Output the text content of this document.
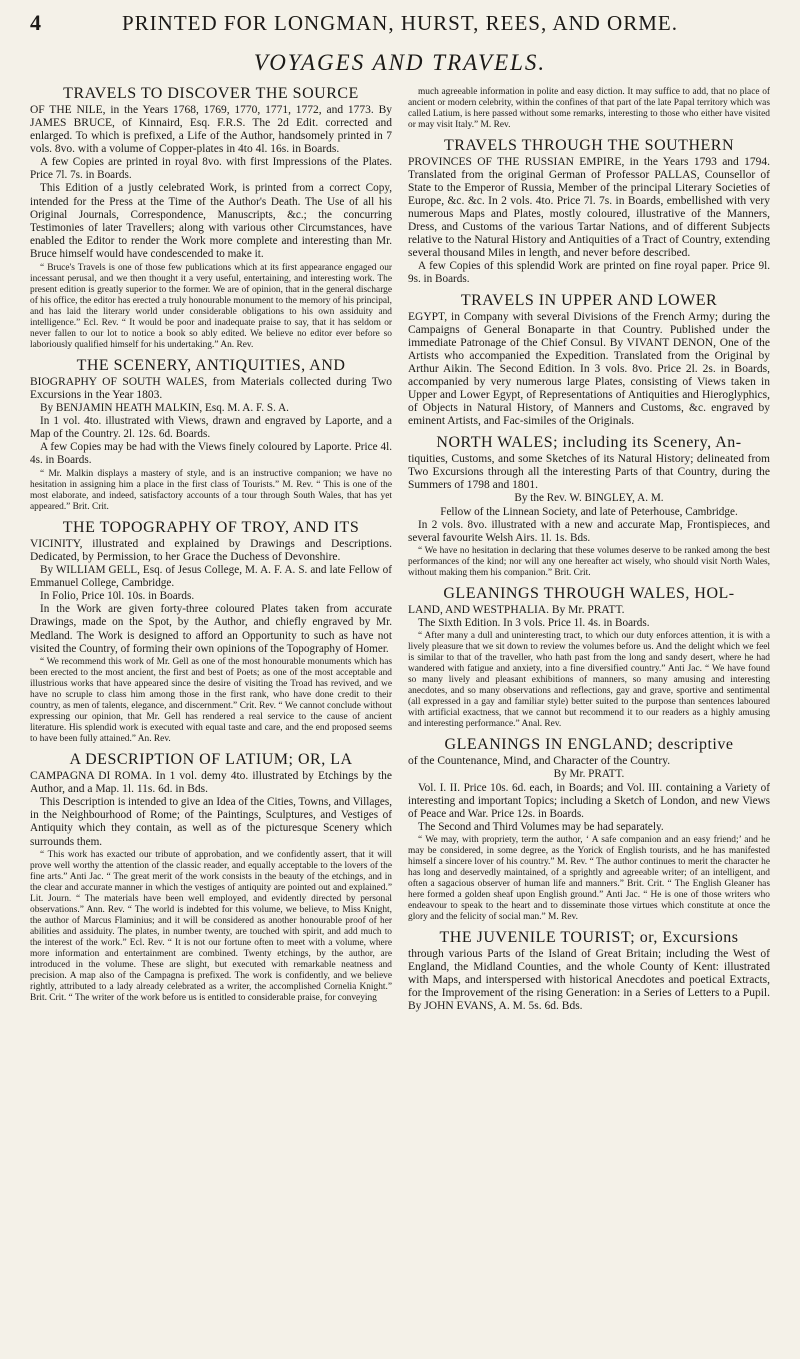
4	PRINTED FOR LONGMAN, HURST, REES, AND ORME.
VOYAGES AND TRAVELS.
TRAVELS TO DISCOVER THE SOURCE

OF THE NILE, in the Years 1768, 1769, 1770, 1771, 1772, and 1773. By JAMES BRUCE, of Kinnaird, Esq. F.R.S. The 2d Edit. corrected and enlarged. To which is prefixed, a Life of the Author, handsomely printed in 7 vols. 8vo. with a volume of Copper-plates in 4to 4l. 16s. in Boards.

A few Copies are printed in royal 8vo. with first Impressions of the Plates. Price 7l. 7s. in Boards.

This Edition of a justly celebrated Work, is printed from a correct Copy, intended for the Press at the Time of the Author's Death. The Use of all his Original Journals, Correspondence, Manuscripts, &c.; the concurring Testimonies of later Travellers; along with various other Circumstances, have enabled the Editor to render the Work more complete and interesting than Mr. Bruce himself would have condescended to make it.

“ Bruce's Travels is one of those few publications which at its first appearance engaged our incessant perusal, and we then thought it a very useful, entertaining, and interesting work. The present edition is greatly superior to the former. We are of opinion, that in the general discharge of his office, the editor has erected a truly honourable monument to the memory of his principal, and has laid the literary world under considerable obligations to his own assiduity and intelligence.” Ecl. Rev. “ It would be poor and inadequate praise to say, that it has seldom or never fallen to our lot to notice a book so ably edited. We believe no editor ever before so laboriously qualified himself for his undertaking.” An. Rev.

THE SCENERY, ANTIQUITIES, AND

BIOGRAPHY OF SOUTH WALES, from Materials collected during Two Excursions in the Year 1803.

By BENJAMIN HEATH MALKIN, Esq. M. A. F. S. A.

In 1 vol. 4to. illustrated with Views, drawn and engraved by Laporte, and a Map of the Country. 2l. 12s. 6d. Boards.

A few Copies may be had with the Views finely coloured by Laporte. Price 4l. 4s. in Boards.

“ Mr. Malkin displays a mastery of style, and is an instructive companion; we have no hesitation in assigning him a place in the first class of Tourists.” M. Rev. “ This is one of the most elaborate, and indeed, satisfactory accounts of a tour through South Wales, that has yet appeared.” Brit. Crit.

THE TOPOGRAPHY OF TROY, AND ITS

VICINITY, illustrated and explained by Drawings and Descriptions. Dedicated, by Permission, to her Grace the Duchess of Devonshire.

By WILLIAM GELL, Esq. of Jesus College, M. A. F. A. S. and late Fellow of Emmanuel College, Cambridge.

In Folio, Price 10l. 10s. in Boards.

In the Work are given forty-three coloured Plates taken from accurate Drawings, made on the Spot, by the Author, and chiefly engraved by Mr. Medland. The Work is designed to afford an Opportunity to such as have not visited the Country, of forming their own opinions of the Topography of Homer.

“ We recommend this work of Mr. Gell as one of the most honourable monuments which has been erected to the most ancient, the first and best of Poets; as one of the most acceptable and illustrious works that have appeared since the desire of visiting the Troad has revived, and we have no scruple to class him among those in the first rank, who have done credit to their country, as men of talents, elegance, and discernment.” Crit. Rev. “ We cannot conclude without expressing our opinion, that Mr. Gell has rendered a real service to the cause of ancient literature. His splendid work is executed with equal taste and care, and the end proposed seems to have been fully attained.” An. Rev.

A DESCRIPTION OF LATIUM; OR, LA

CAMPAGNA DI ROMA. In 1 vol. demy 4to. illustrated by Etchings by the Author, and a Map. 1l. 11s. 6d. in Bds.

This Description is intended to give an Idea of the Cities, Towns, and Villages, in the Neighbourhood of Rome; of the Paintings, Sculptures, and Vestiges of Antiquity which they contain, as well as of the picturesque Scenery which surrounds them.

“ This work has exacted our tribute of approbation, and we confidently assert, that it will prove well worthy the attention of the classic reader, and equally acceptable to the lovers of the fine arts.” Anti Jac. “ The great merit of the work consists in the beauty of the etchings, and in the clear and accurate manner in which the vestiges of antiquity are pointed out and explained.” Lit. Journ. “ The materials have been well employed, and evidently directed by personal observations.” Ann. Rev. “ The world is indebted for this volume, we believe, to Miss Knight, the author of Marcus Flaminius; and it will be considered as another honourable proof of her abilities and assiduity. The plates, in number twenty, are touched with spirit, and add much to the interest of the work.” Ecl. Rev. “ It is not our fortune often to meet with a volume, where more information and entertainment are combined. Twenty etchings, by the author, are introduced in the volume. These are slight, but executed with remarkable neatness and precision. A map also of the Campagna is prefixed. The work is confidently, and we believe rightly, attributed to a lady already celebrated as a writer, the accomplished Cornelia Knight.” Brit. Crit. “ The writer of the work before us is entitled to considerable praise, for conveying

much agreeable information in polite and easy diction. It may suffice to add, that no place of ancient or modern celebrity, within the confines of that part of the late Papal territory which was called Latium, is here passed without some remarks, interesting to those who either have visited or may visit Italy.” M. Rev.

TRAVELS THROUGH THE SOUTHERN

PROVINCES OF THE RUSSIAN EMPIRE, in the Years 1793 and 1794. Translated from the original German of Professor PALLAS, Counsellor of State to the Emperor of Russia, Member of the principal Literary Societies of Europe, &c. &c. In 2 vols. 4to. Price 7l. 7s. in Boards, embellished with very numerous Maps and Plates, mostly coloured, illustrative of the Manners, Dress, and Customs of the various Tartar Nations, and of different Subjects relative to the Natural History and Antiquities of a Tract of Country, extending several thousand Miles in length, and never before described.

A few Copies of this splendid Work are printed on fine royal paper. Price 9l. 9s. in Boards.

TRAVELS IN UPPER AND LOWER

EGYPT, in Company with several Divisions of the French Army; during the Campaigns of General Bonaparte in that Country. Published under the immediate Patronage of the Chief Consul. By VIVANT DENON, One of the Artists who accompanied the Expedition. Translated from the Original by Arthur Aikin. The Second Edition. In 3 vols. 8vo. Price 2l. 2s. in Boards, accompanied by very numerous large Plates, consisting of Views taken in Upper and Lower Egypt, of Representations of Antiquities and Hieroglyphics, of Objects in Natural History, of Manners and Customs, &c. engraved by eminent Artists, and Fac-similes of the Originals.

NORTH WALES; including its Scenery, An-

tiquities, Customs, and some Sketches of its Natural History; delineated from Two Excursions through all the interesting Parts of that Country, during the Summers of 1798 and 1801.

By the Rev. W. BINGLEY, A. M.

Fellow of the Linnean Society, and late of Peterhouse, Cambridge.

In 2 vols. 8vo. illustrated with a new and accurate Map, Frontispieces, and several favourite Welsh Airs. 1l. 1s. Bds.

“ We have no hesitation in declaring that these volumes deserve to be ranked among the best performances of the kind; nor will any one hereafter act wisely, who should visit North Wales, without making them his companion.” Brit. Crit.

GLEANINGS THROUGH WALES, HOL-

LAND, AND WESTPHALIA. By Mr. PRATT.

The Sixth Edition. In 3 vols. Price 1l. 4s. in Boards.

“ After many a dull and uninteresting tract, to which our duty enforces attention, it is with a lively pleasure that we sit down to review the volumes before us. And the delight which we feel is similar to that of the traveller, who hath past from the long and sandy desert, where he had wandered with fatigue and anxiety, into a fine diversified country.” Anti Jac. “ We have found so many lively and pleasant exhibitions of manners, so many amusing and interesting anecdotes, and so many observations and reflections, gay and grave, sportive and sentimental (all expressed in a gay and familiar style) better suited to the purpose than sentences laboured with artificial exactness, that we cannot but recommend it to our readers as a highly amusing and interesting performance.” Anal. Rev.

GLEANINGS IN ENGLAND; descriptive

of the Countenance, Mind, and Character of the Country.

By Mr. PRATT.

Vol. I. II. Price 10s. 6d. each, in Boards; and Vol. III. containing a Variety of interesting and important Topics; including a Sketch of London, and new Views of Peace and War. Price 12s. in Boards.

The Second and Third Volumes may be had separately.

“ We may, with propriety, term the author, ‘ A safe companion and an easy friend;’ and he may be considered, in some degree, as the Yorick of English tourists, and he has manifested himself a sincere lover of his country.” M. Rev. “ The author continues to merit the character he has long and deservedly maintained, of a sprightly and agreeable writer; of an intelligent, and often a sagacious observer of human life and manners.” Brit. Crit. “ The English Gleaner has here formed a golden sheaf upon English ground.” Anti Jac. “ He is one of those writers who endeavour to speak to the heart and to disseminate those virtues which constitute at once the glory and the felicity of social man.” M. Rev.

THE JUVENILE TOURIST; or, Excursions

through various Parts of the Island of Great Britain; including the West of England, the Midland Counties, and the whole County of Kent: illustrated with Maps, and interspersed with historical Anecdotes and poetical Extracts, for the Improvement of the rising Generation: in a Series of Letters to a Pupil. By JOHN EVANS, A. M. 5s. 6d. Bds.
